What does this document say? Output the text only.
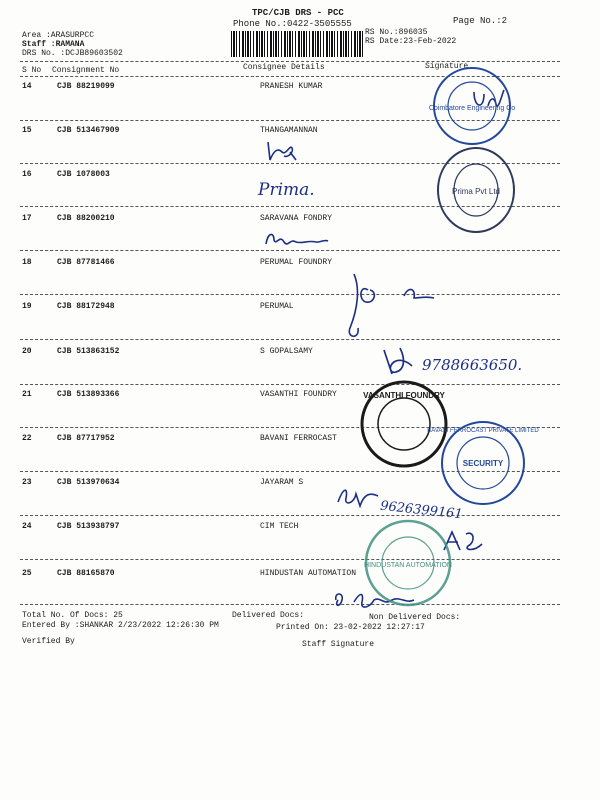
TPC/CJB DRS - PCC
Phone No.:0422-3505555	Page No.:2
Area :ARASURPCC
Staff :RAMANA
DRS No. :DCJB89603502
RS No.:896035
RS Date:23-Feb-2022
S No Consignment No	Consignee Details	Signature
14	CJB 88219099	PRANESH KUMAR
15	CJB 513467909	THANGAMANNAN
16	CJB 1078003
17	CJB 88200210	SARAVANA FONDRY
18	CJB 87781466	PERUMAL FOUNDRY
19	CJB 88172948	PERUMAL
20	CJB 513863152	S GOPALSAMY
21	CJB 513893366	VASANTHI FOUNDRY
22	CJB 87717952	BAVANI FERROCAST
23	CJB 513970634	JAYARAM S
24	CJB 513938797	CIM TECH
25	CJB 88165870	HINDUSTAN AUTOMATION
Prima.
9788663650.
9626399161
Coimbatore Engineering Co
Prima Pvt Ltd
VASANTHI FOUNDRY
BAVANI FERROCAST PRIVATE LIMITED
SECURITY
HINDUSTAN AUTOMATION
Total No. Of Docs: 25	Delivered Docs:	Non Delivered Docs:
Entered By :SHANKAR 2/23/2022 12:26:30 PM	Printed On: 23-02-2022 12:27:17
Verified By	Staff Signature
